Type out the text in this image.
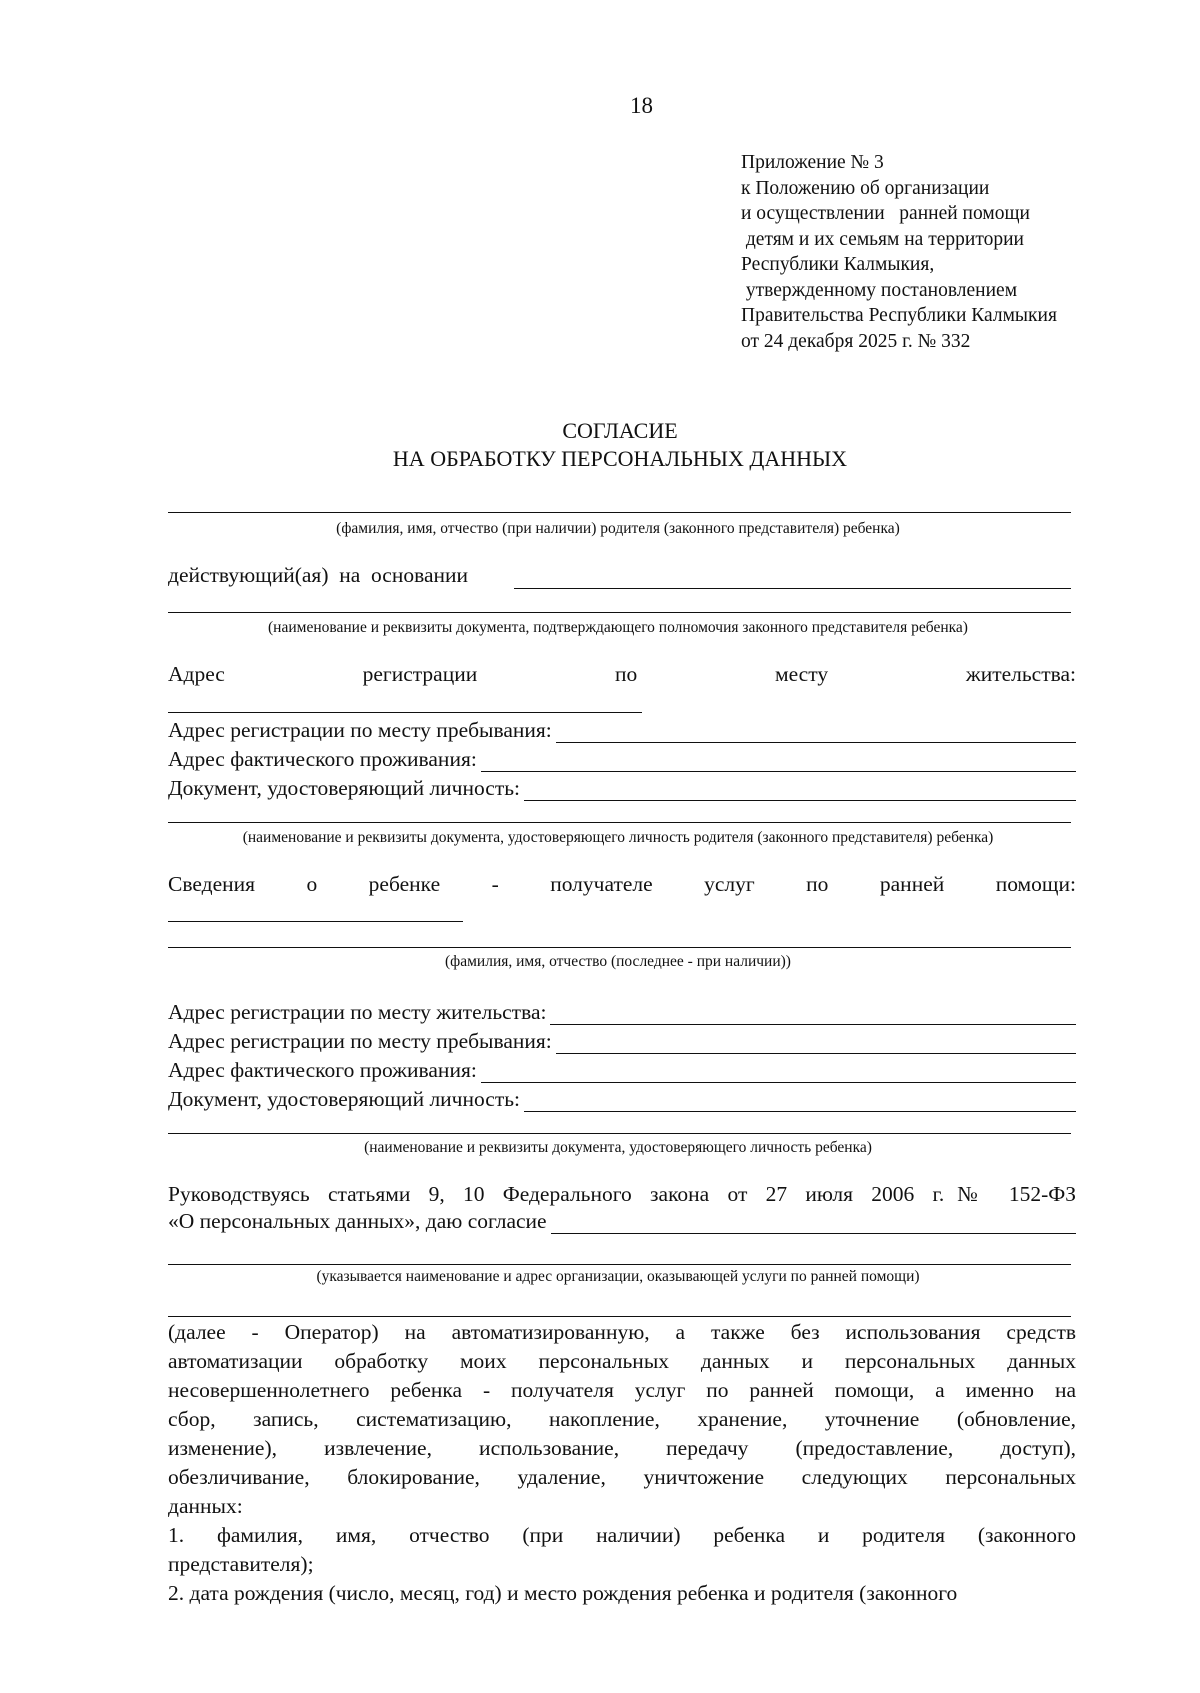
18
Приложение № 3
к Положению об организации
и осуществлении   ранней помощи
детям и их семьям на территории
Республики Калмыкия,
утвержденному постановлением
Правительства Республики Калмыкия
от 24 декабря 2025 г. № 332
СОГЛАСИЕ
НА ОБРАБОТКУ ПЕРСОНАЛЬНЫХ ДАННЫХ
(фамилия, имя, отчество (при наличии) родителя (законного представителя) ребенка)
действующий(ая)  на  основании
(наименование и реквизиты документа, подтверждающего полномочия законного представителя ребенка)
Адрес	регистрации	по	месту	жительства:
Адрес регистрации по месту пребывания:
Адрес фактического проживания:
Документ, удостоверяющий личность:
(наименование и реквизиты документа, удостоверяющего личность родителя (законного представителя) ребенка)
Сведения о ребенке - получателе услуг по ранней помощи:
(фамилия, имя, отчество (последнее - при наличии))
Адрес регистрации по месту жительства:
Адрес регистрации по месту пребывания:
Адрес фактического проживания:
Документ, удостоверяющий личность:
(наименование и реквизиты документа, удостоверяющего личность ребенка)
Руководствуясь статьями 9, 10 Федерального закона от 27 июля 2006 г.№ 152-ФЗ
«О персональных данных», даю согласие
(указывается наименование и адрес организации, оказывающей услуги по ранней помощи)
(далее - Оператор) на автоматизированную, а также без использования средств
автоматизации обработку моих персональных данных и персональных данных
несовершеннолетнего ребенка - получателя услуг по ранней помощи, а именно на
сбор, запись, систематизацию, накопление, хранение, уточнение (обновление,
изменение), извлечение, использование, передачу (предоставление, доступ),
обезличивание, блокирование, удаление, уничтожение следующих персональных
данных:
1. фамилия, имя, отчество (при наличии) ребенка и родителя (законного
представителя);
2. дата рождения (число, месяц, год) и место рождения ребенка и родителя (законного
